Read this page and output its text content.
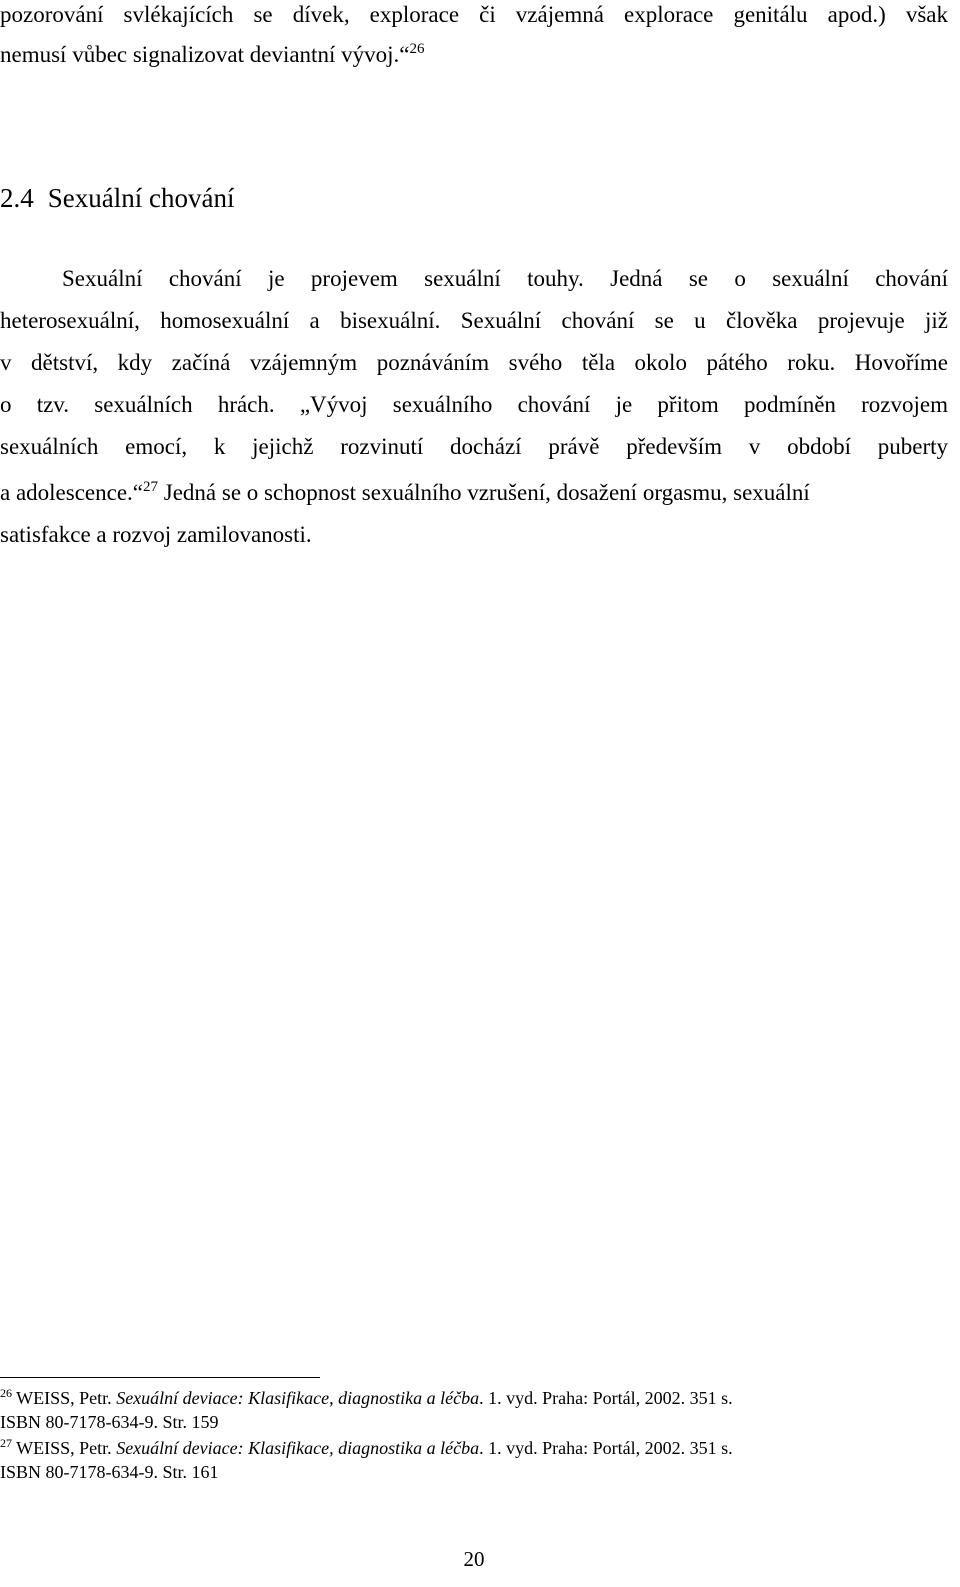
pozorování svlékajících se dívek, explorace či vzájemná explorace genitálu apod.) však
nemusí vůbec signalizovat deviantní vývoj.“$^{26}$
2.4 Sexuální chování
Sexuální chování je projevem sexuální touhy. Jedná se o sexuální chování
heterosexuální, homosexuální a bisexuální. Sexuální chování se u člověka projevuje již
v dětství, kdy začíná vzájemným poznáváním svého těla okolo pátého roku. Hovoříme
o tzv. sexuálních hrách. „Vývoj sexuálního chování je přitom podmíněn rozvojem
sexuálních emocí, k jejichž rozvinutí dochází právě především v období puberty
a adolescence.“$^{27}$ Jedná se o schopnost sexuálního vzrušení, dosažení orgasmu, sexuální
satisfakce a rozvoj zamilovanosti.
$^{26}$ WEISS, Petr. Sexuální deviace: Klasifikace, diagnostika a léčba. 1. vyd. Praha: Portál, 2002. 351 s.
ISBN 80-7178-634-9. Str. 159
$^{27}$ WEISS, Petr. Sexuální deviace: Klasifikace, diagnostika a léčba. 1. vyd. Praha: Portál, 2002. 351 s.
ISBN 80-7178-634-9. Str. 161
20
